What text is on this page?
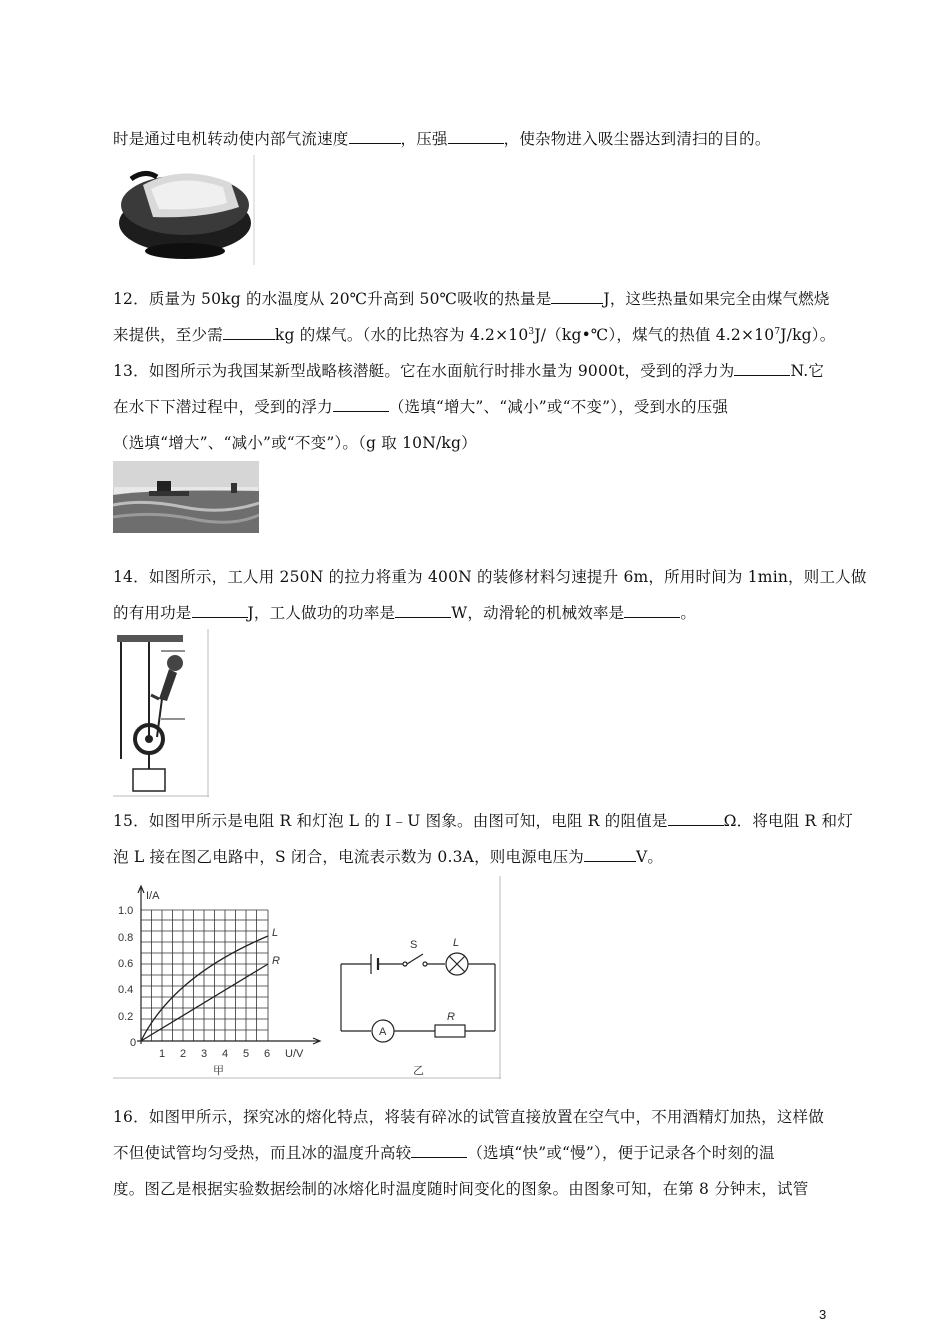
时是通过电机转动使内部气流速度	，压强	，使杂物进入吸尘器达到清扫的目的。
12．质量为 50kg 的水温度从 20℃升高到 50℃吸收的热量是	J，这些热量如果完全由煤气燃烧
来提供，至少需	kg 的煤气。（水的比热容为 $4.2\times 10^3J/(kg•℃)$，煤气的热值 $4.2\times 10^7J/kg$）。
13．如图所示为我国某新型战略核潜艇。它在水面航行时排水量为 9000t，受到的浮力为	N.它
在水下下潜过程中，受到的浮力	（选填“增大”、“减小”或“不变”），受到水的压强
（选填“增大”、“减小”或“不变”）。（g 取 10N/kg）
14．如图所示，工人用 250N 的拉力将重为 400N 的装修材料匀速提升 6m，所用时间为 1min，则工人做
的有用功是	J，工人做功的功率是	W，动滑轮的机械效率是	。
15．如图甲所示是电阻 R 和灯泡 L 的 I﹣U 图象。由图可知，电阻 R 的阻值是	Ω．将电阻 R 和灯
泡 L 接在图乙电路中，S 闭合，电流表示数为 0.3A，则电源电压为	V。
I/A
U/V
1.0
0.8
0.6
0.4
0.2
0
1 2 3 4 5 6
L
R
甲
S	L
A
R
乙
16．如图甲所示，探究冰的熔化特点，将装有碎冰的试管直接放置在空气中，不用酒精灯加热，这样做
不但使试管均匀受热，而且冰的温度升高较	（选填“快”或“慢”），便于记录各个时刻的温
度。图乙是根据实验数据绘制的冰熔化时温度随时间变化的图象。由图象可知，在第 8 分钟末，试管
3
